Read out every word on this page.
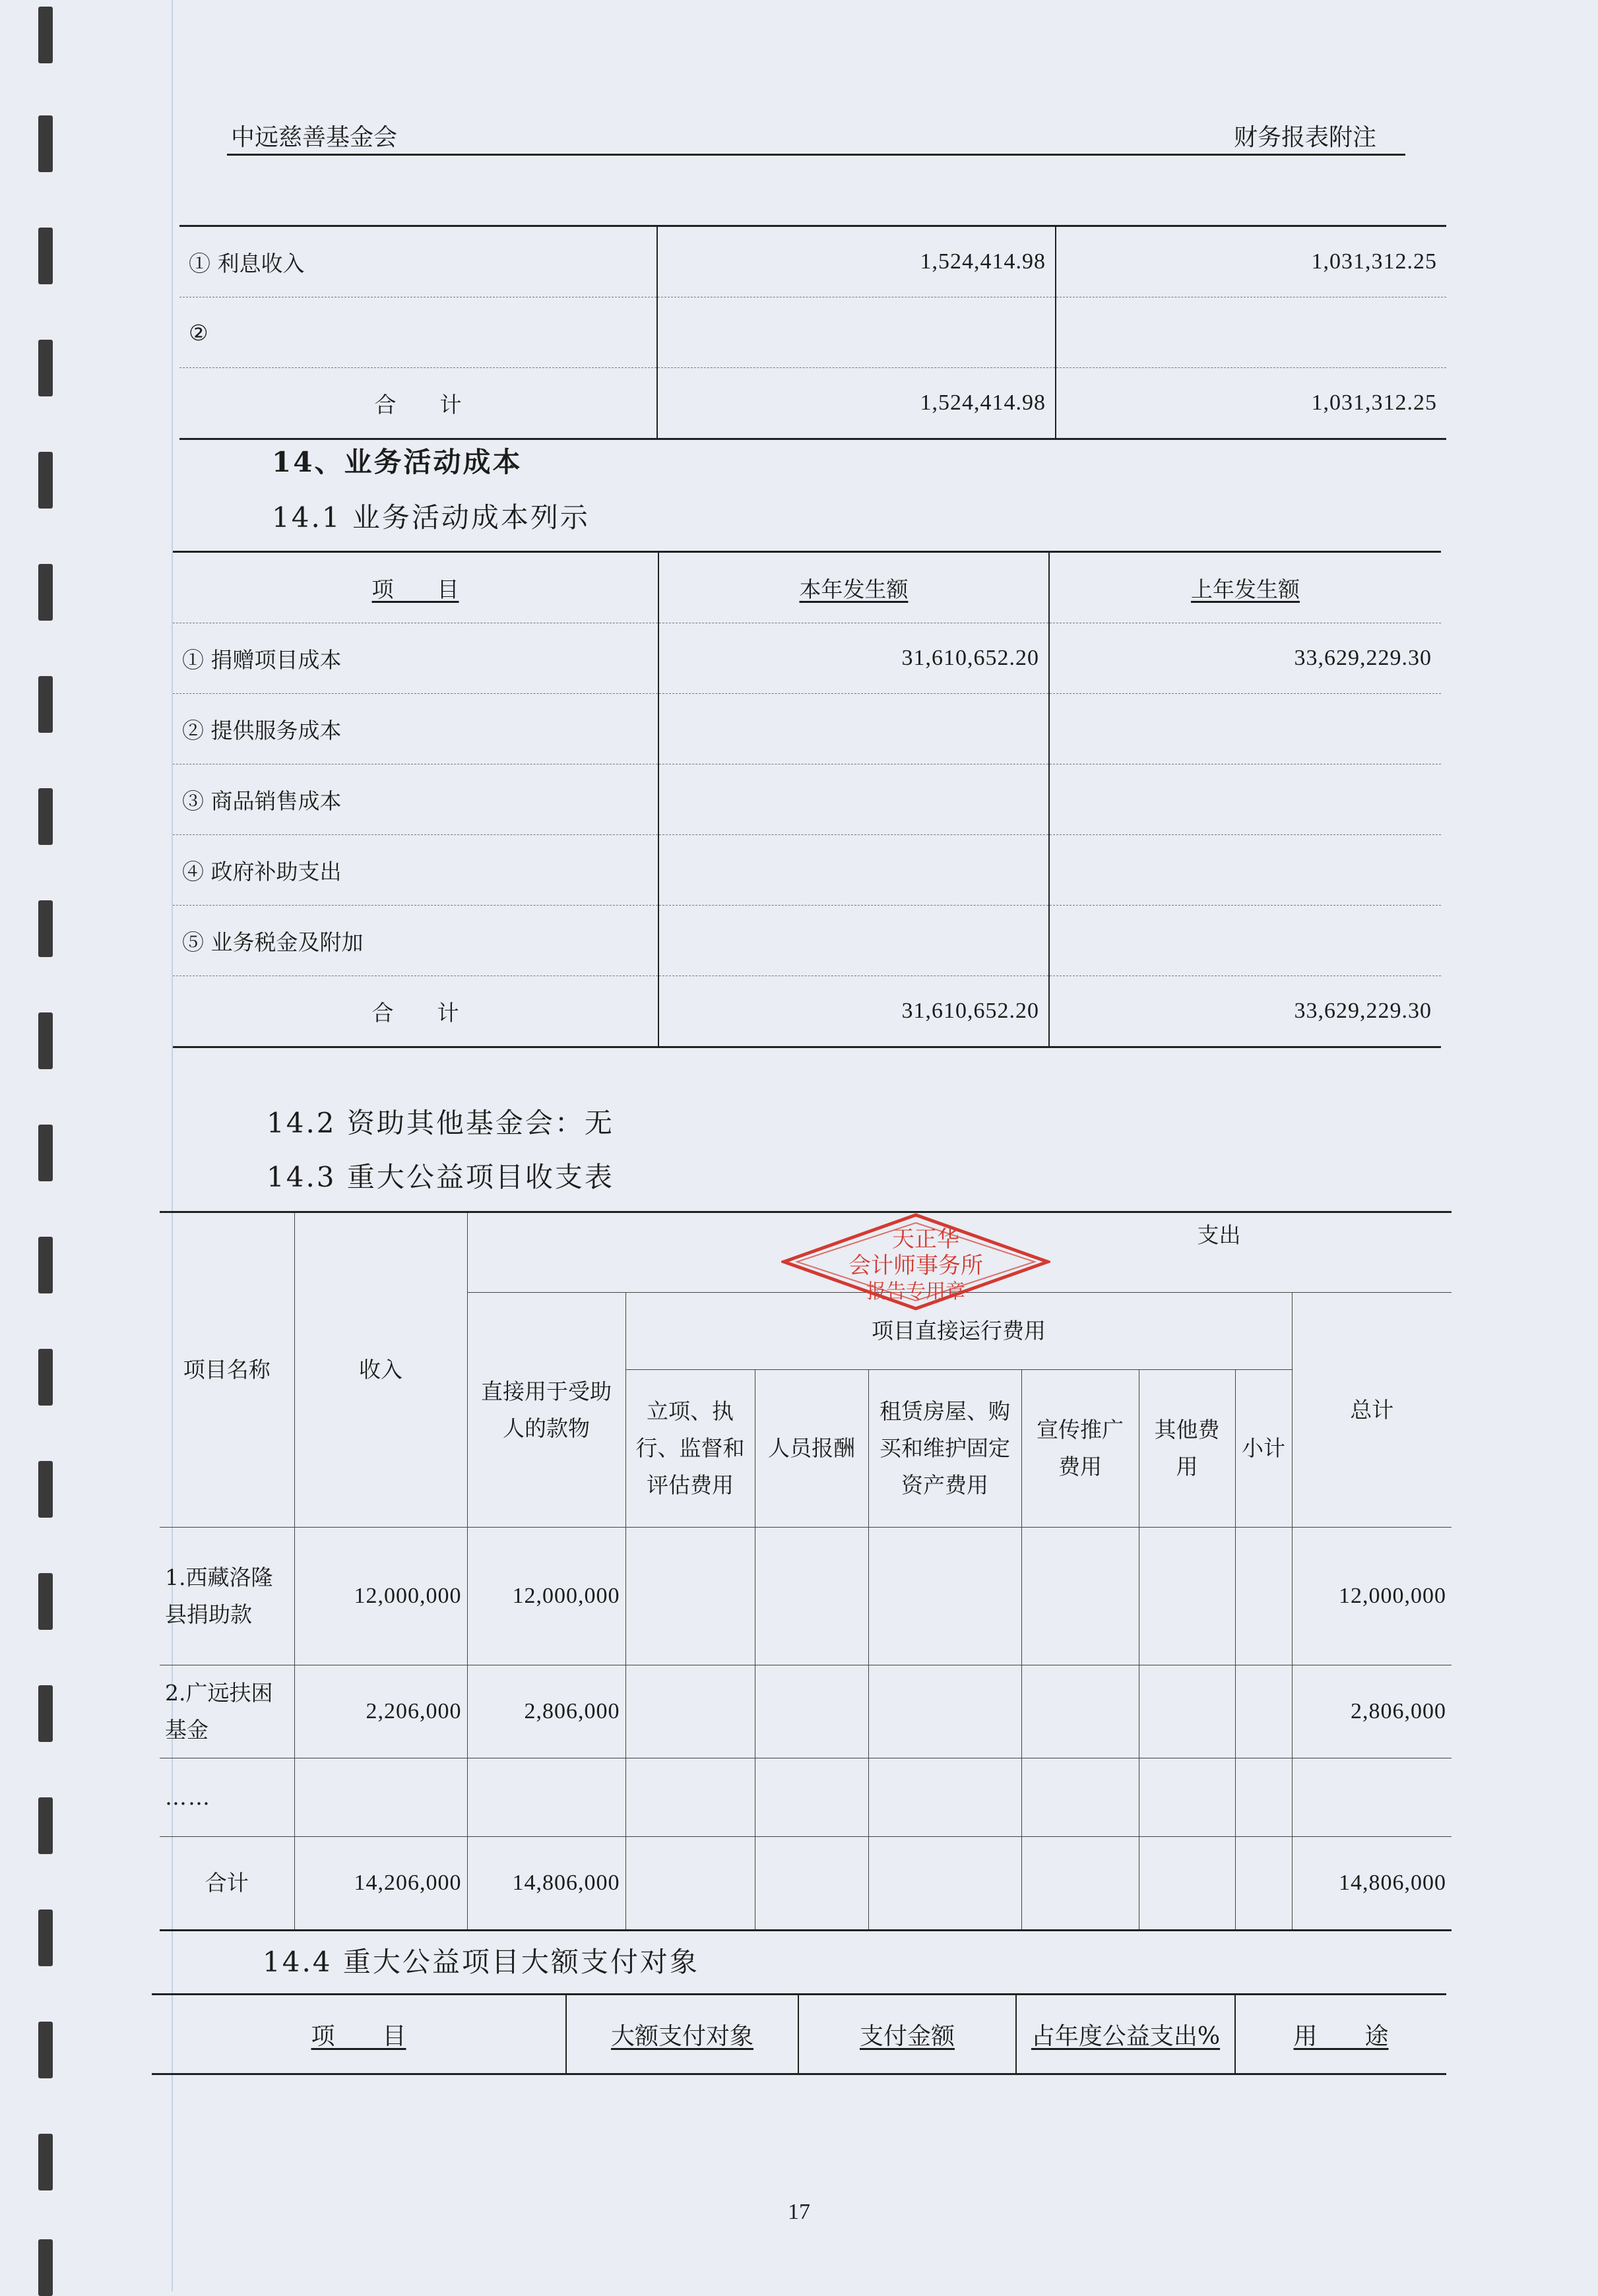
中远慈善基金会	财务报表附注
① 利息收入	1,524,414.98	1,031,312.25
②		
合　　计	1,524,414.98	1,031,312.25
14、业务活动成本
14.1 业务活动成本列示
项　　目	本年发生额	上年发生额
① 捐赠项目成本	31,610,652.20	33,629,229.30
② 提供服务成本		
③ 商品销售成本		
④ 政府补助支出		
⑤ 业务税金及附加		
合　　计	31,610,652.20	33,629,229.30
14.2 资助其他基金会：无
14.3 重大公益项目收支表
项目名称	收入	支出							
		直接用于受助人的款物	项目直接运行费用						总计
			立项、执行、监督和评估费用	人员报酬	租赁房屋、购买和维护固定资产费用	宣传推广费用	其他费用	小计	
1.西藏洛隆县捐助款	12,000,000	12,000,000							12,000,000
2.广远扶困基金	2,206,000	2,806,000							2,806,000
……									
合计	14,206,000	14,806,000							14,806,000
天正华
会计师事务所
报告专用章
14.4 重大公益项目大额支付对象
项　　目	大额支付对象	支付金额	占年度公益支出%	用　　途
17
